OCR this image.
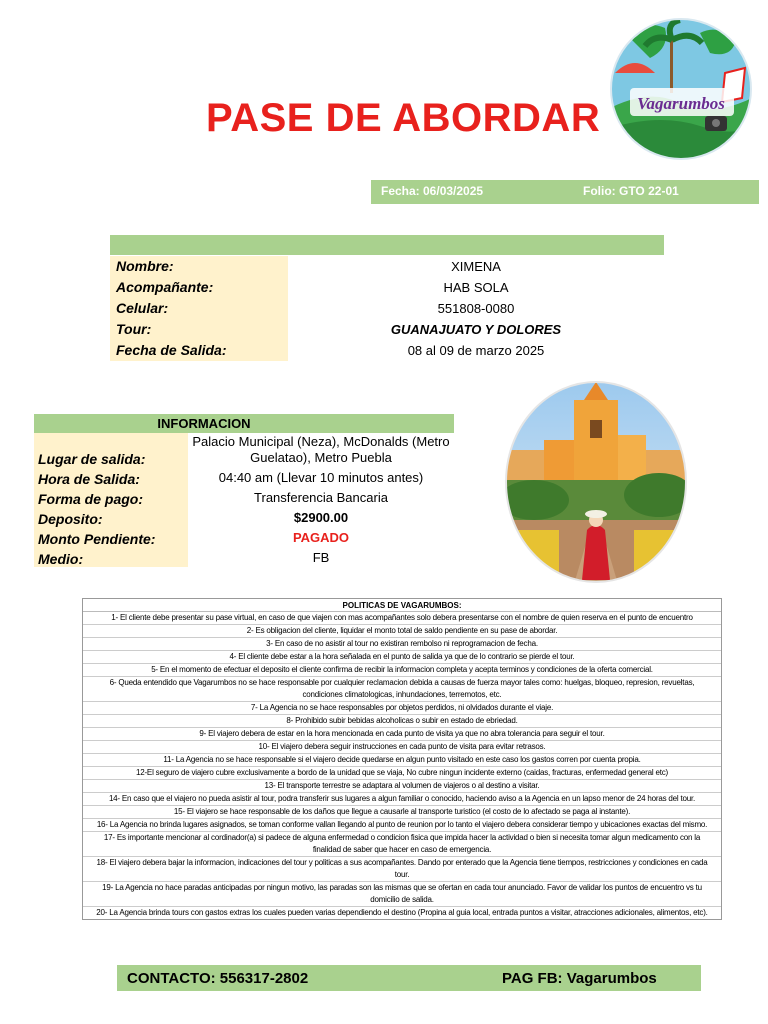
PASE DE ABORDAR Vagarumbos
Fecha: 06/03/2025	Folio: GTO 22-01
Nombre:	XIMENA
Acompañante:	HAB SOLA
Celular:	551808-0080
Tour:	GUANAJUATO Y DOLORES
Fecha de Salida:	08 al 09 de marzo 2025
INFORMACION
Lugar de salida:
Palacio Municipal (Neza), McDonalds (Metro Guelatao), Metro Puebla
Hora de Salida:	04:40 am (Llevar 10 minutos antes)
Forma de pago:	Transferencia Bancaria
Deposito:	$2900.00
Monto Pendiente:	PAGADO
Medio:	FB
POLITICAS DE VAGARUMBOS:
1- El cliente debe presentar su pase virtual, en caso de que viajen con mas acompañantes solo debera presentarse con el nombre de quien reserva en el punto de encuentro
2- Es obligacion del cliente, liquidar el monto total de saldo pendiente en su pase de abordar.
3- En caso de no asistir al tour no existiran rembolso ni reprogramacion de fecha.
4- El cliente debe estar a la hora señalada en el punto de salida ya que de lo contrario se pierde el tour.
5- En el momento de efectuar el deposito el cliente confirma de recibir la informacion completa y acepta terminos y condiciones de la oferta comercial.
6- Queda entendido que Vagarumbos no se hace responsable por cualquier reclamacion debida a causas de fuerza mayor tales como: huelgas, bloqueo, represion, revueltas, condiciones climatologicas, inhundaciones, terremotos, etc.
7- La Agencia no se hace responsables por objetos perdidos, ni olvidados durante el viaje.
8- Prohibido subir bebidas alcoholicas o subir en estado de ebriedad.
9- El viajero debera de estar en la hora mencionada en cada punto de visita ya que no abra tolerancia para seguir el tour.
10- El viajero debera seguir instrucciones en cada punto de visita para evitar retrasos.
11- La Agencia no se hace responsable si el viajero decide quedarse en algun punto visitado en este caso los gastos corren por cuenta propia.
12-El seguro de viajero cubre exclusivamente a bordo de la unidad que se viaja, No cubre ningun incidente externo (caidas, fracturas, enfermedad general etc)
13- El transporte terrestre se adaptara al volumen de viajeros o al destino a visitar.
14- En caso que el viajero no pueda asistir al tour, podra transferir sus lugares a algun familiar o conocido, haciendo aviso a la Agencia en un lapso menor de 24 horas del tour.
15- El viajero se hace responsable de los daños que llegue a causarle al transporte turistico (el costo de lo afectado se paga al instante).
16- La Agencia no brinda lugares asignados, se toman conforme vallan llegando al punto de reunion por lo tanto el viajero debera considerar tiempo y ubicaciones exactas del mismo.
17- Es importante mencionar al cordinador(a) si padece de alguna enfermedad o condicion fisica que impida hacer la actividad o bien si necesita tomar algun medicamento con la finalidad de saber que hacer en caso de emergencia.
18- El viajero debera bajar la informacion, indicaciones del tour y politicas a sus acompañantes. Dando por enterado que la Agencia tiene tiempos, restricciones y condiciones en cada tour.
19- La Agencia no hace paradas anticipadas por ningun motivo, las paradas son las mismas que se ofertan en cada tour anunciado. Favor de validar los puntos de encuentro vs tu domicilio de salida.
20- La Agencia brinda tours con gastos extras los cuales pueden varias dependiendo el destino (Propina al guia local, entrada puntos a visitar, atracciones adicionales, alimentos, etc).
CONTACTO: 556317-2802	PAG FB: Vagarumbos
